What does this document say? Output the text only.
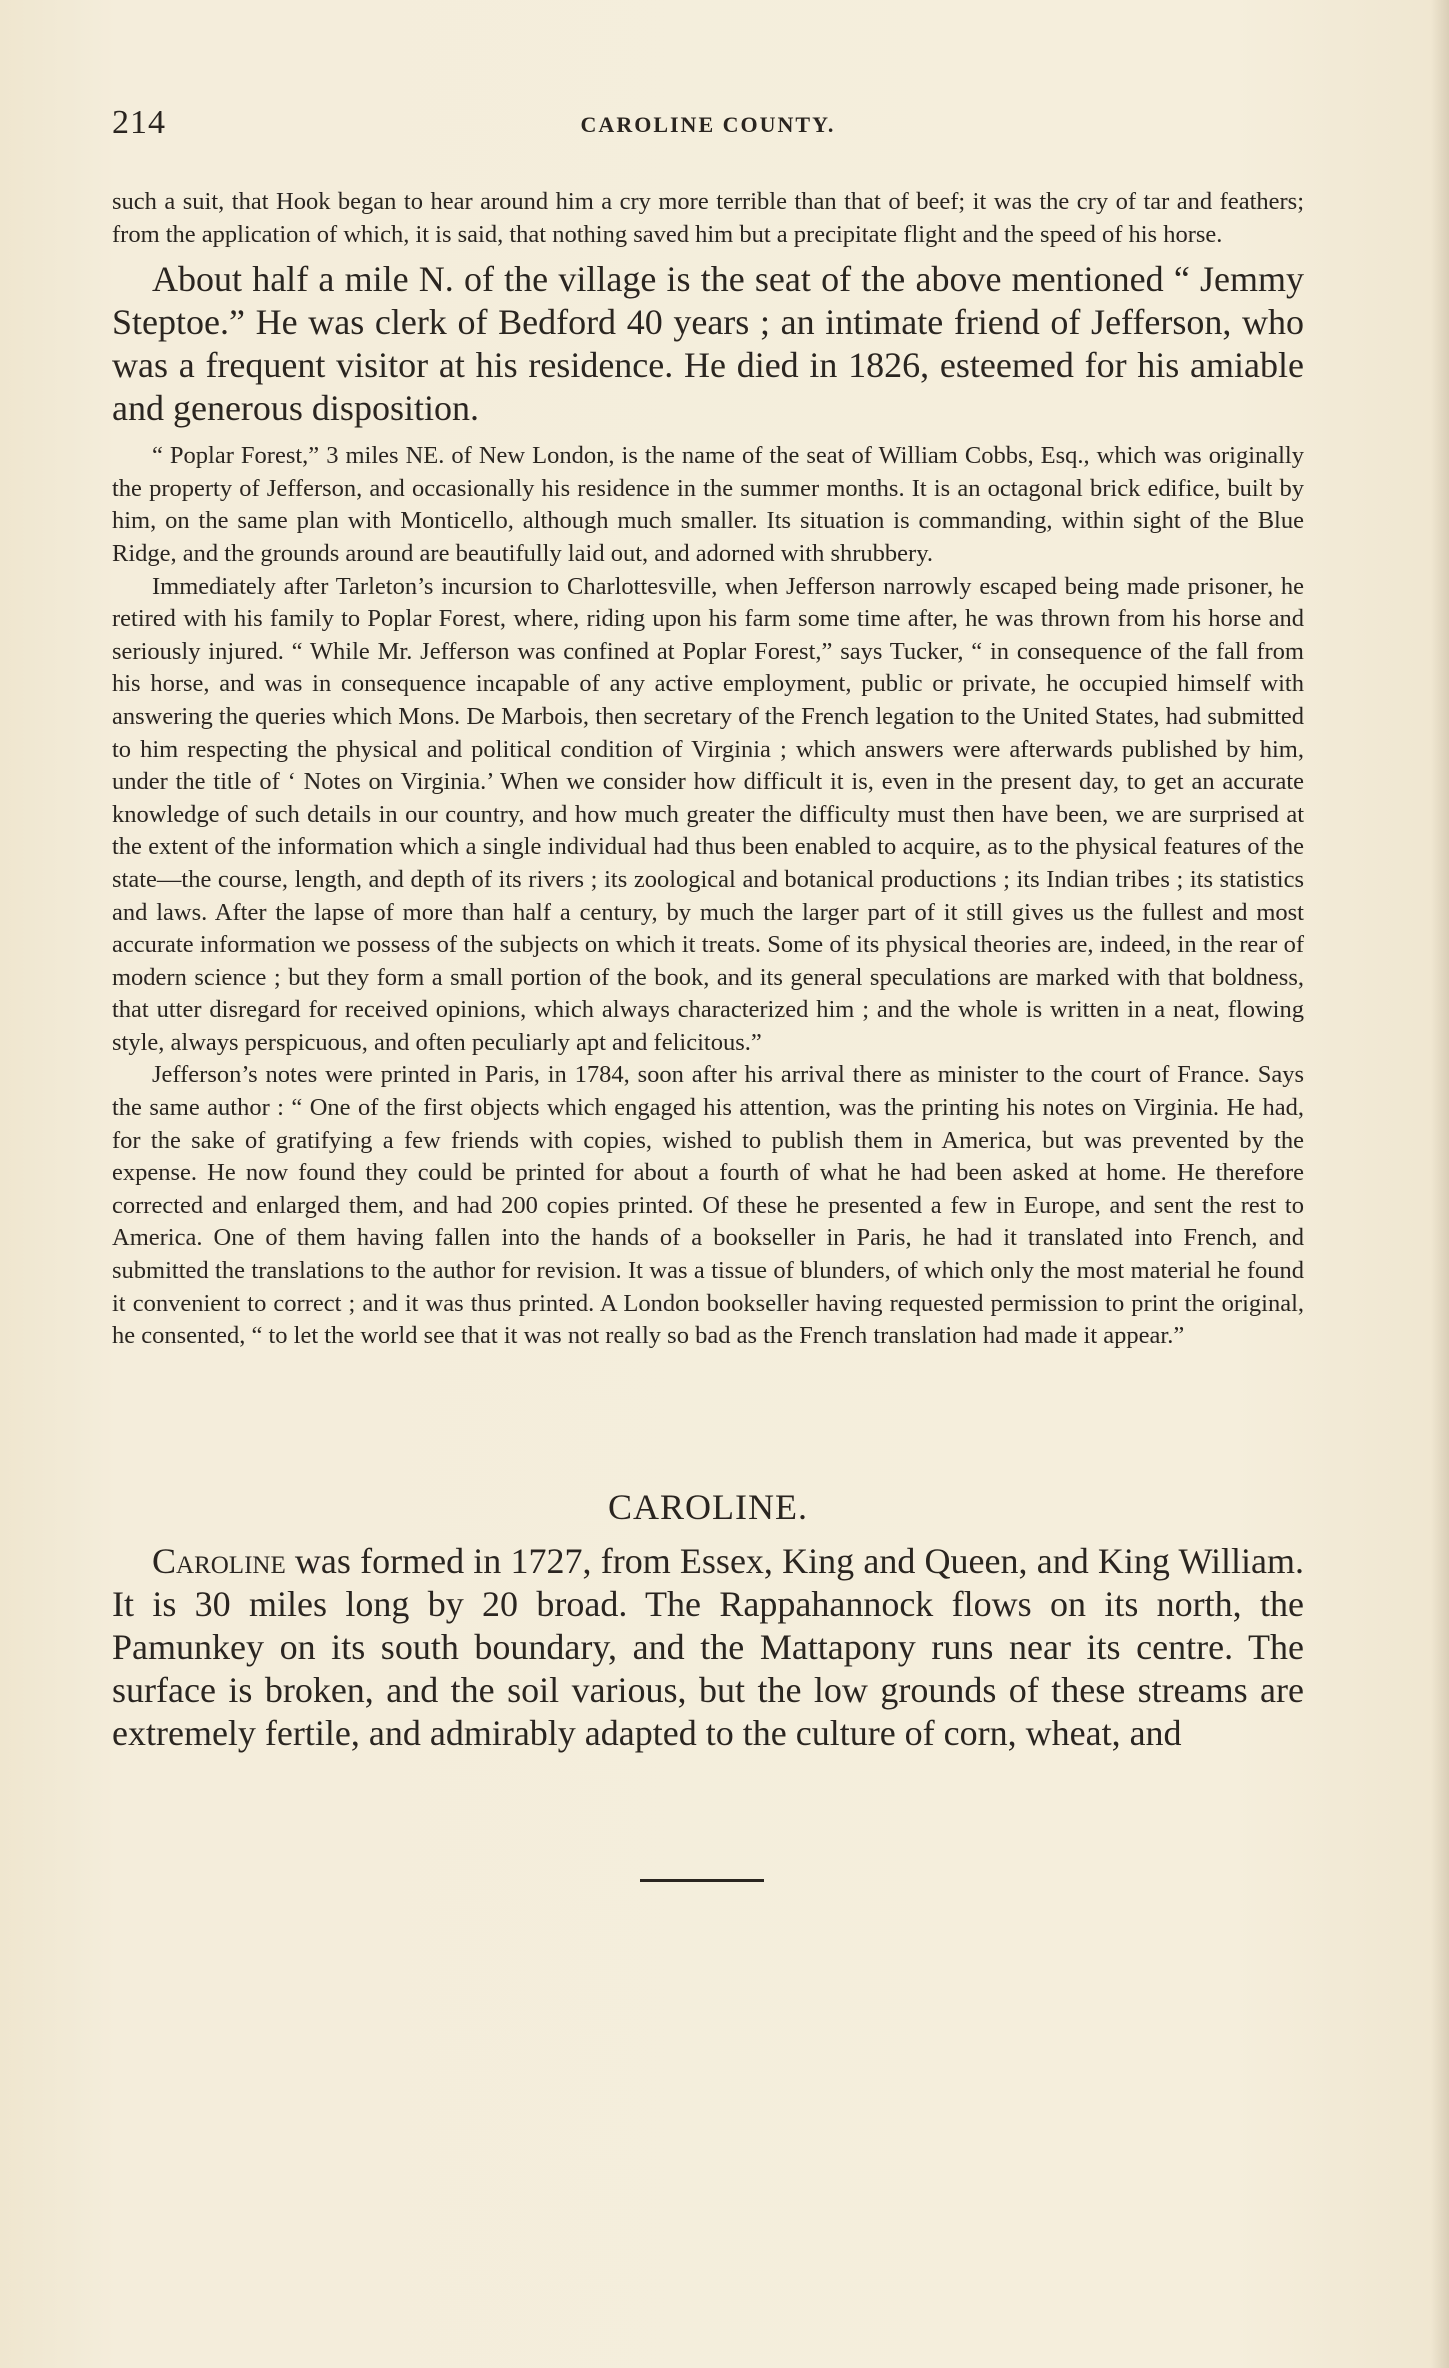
214	CAROLINE COUNTY.

such a suit, that Hook began to hear around him a cry more terrible than that of beef; it was the cry of tar and feathers; from the application of which, it is said, that nothing saved him but a precipitate flight and the speed of his horse.

About half a mile N. of the village is the seat of the above mentioned “ Jemmy Steptoe.” He was clerk of Bedford 40 years ; an intimate friend of Jefferson, who was a frequent visitor at his residence. He died in 1826, esteemed for his amiable and generous disposition.

“ Poplar Forest,” 3 miles NE. of New London, is the name of the seat of William Cobbs, Esq., which was originally the property of Jefferson, and occasionally his residence in the summer months. It is an octagonal brick edifice, built by him, on the same plan with Monticello, although much smaller. Its situation is commanding, within sight of the Blue Ridge, and the grounds around are beautifully laid out, and adorned with shrubbery.

Immediately after Tarleton’s incursion to Charlottesville, when Jefferson narrowly escaped being made prisoner, he retired with his family to Poplar Forest, where, riding upon his farm some time after, he was thrown from his horse and seriously injured. “ While Mr. Jefferson was confined at Poplar Forest,” says Tucker, “ in consequence of the fall from his horse, and was in consequence incapable of any active employment, public or private, he occupied himself with answering the queries which Mons. De Marbois, then secretary of the French legation to the United States, had submitted to him respecting the physical and political condition of Virginia ; which answers were afterwards published by him, under the title of ‘ Notes on Virginia.’ When we consider how difficult it is, even in the present day, to get an accurate knowledge of such details in our country, and how much greater the difficulty must then have been, we are surprised at the extent of the information which a single individual had thus been enabled to acquire, as to the physical features of the state—the course, length, and depth of its rivers ; its zoological and botanical productions ; its Indian tribes ; its statistics and laws. After the lapse of more than half a century, by much the larger part of it still gives us the fullest and most accurate information we possess of the subjects on which it treats. Some of its physical theories are, indeed, in the rear of modern science ; but they form a small portion of the book, and its general speculations are marked with that boldness, that utter disregard for received opinions, which always characterized him ; and the whole is written in a neat, flowing style, always perspicuous, and often peculiarly apt and felicitous.”

Jefferson’s notes were printed in Paris, in 1784, soon after his arrival there as minister to the court of France. Says the same author : “ One of the first objects which engaged his attention, was the printing his notes on Virginia. He had, for the sake of gratifying a few friends with copies, wished to publish them in America, but was prevented by the expense. He now found they could be printed for about a fourth of what he had been asked at home. He therefore corrected and enlarged them, and had 200 copies printed. Of these he presented a few in Europe, and sent the rest to America. One of them having fallen into the hands of a bookseller in Paris, he had it translated into French, and submitted the translations to the author for revision. It was a tissue of blunders, of which only the most material he found it convenient to correct ; and it was thus printed. A London bookseller having requested permission to print the original, he consented, “ to let the world see that it was not really so bad as the French translation had made it appear.”

CAROLINE.

Caroline was formed in 1727, from Essex, King and Queen, and King William. It is 30 miles long by 20 broad. The Rappahannock flows on its north, the Pamunkey on its south boundary, and the Mattapony runs near its centre. The surface is broken, and the soil various, but the low grounds of these streams are extremely fertile, and admirably adapted to the culture of corn, wheat, and
